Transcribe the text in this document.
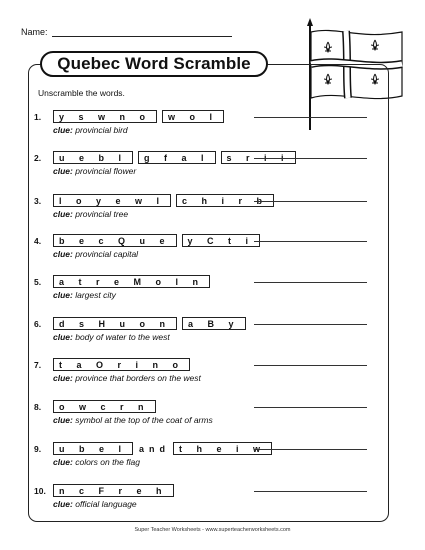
Name:
Quebec Word Scramble
Unscramble the words.
1.	y s w n o w o l
clue: provincial bird
2.	u e b l g f a l s r i i
clue: provincial flower
3.	l o y e w l c h i r b
clue: provincial tree
4.	b e c Q u e y C t i
clue: provincial capital
5.	a t r e M o l n
clue: largest city
6.	d s H u o n a B y
clue: body of water to the west
7.	t a O r i n o
clue: province that borders on the west
8.	o w c r n
clue: symbol at the top of the coat of arms
9.	u b e l and t h e i w
clue: colors on the flag
10.	n c F r e h
clue: official language
Super Teacher Worksheets - www.superteacherworksheets.com
